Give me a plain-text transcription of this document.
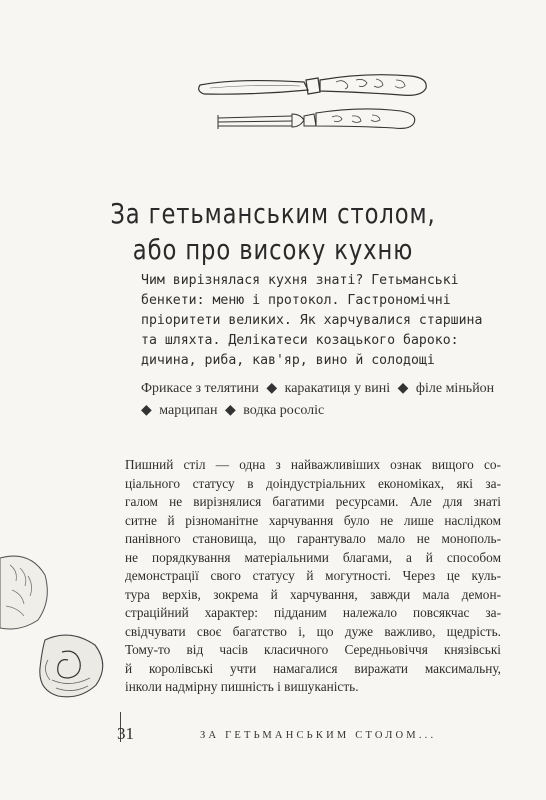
За гетьманським столом,
або про високу кухню
Чим вирізнялася кухня знаті? Гетьманські
бенкети: меню і протокол. Гастрономічні
пріоритети великих. Як харчувалися старшина
та шляхта. Делікатеси козацького бароко:
дичина, риба, кав'яр, вино й солодощі
Фрикасе з телятини ◆ каракатиця у вині ◆ філе міньйон
◆ марципан ◆ водка росоліс
Пишний стіл — одна з найважливіших ознак вищого со-
ціального статусу в доіндустріальних економіках, які за-
галом не вирізнялися багатими ресурсами. Але для знаті
ситне й різноманітне харчування було не лише наслідком
панівного становища, що гарантувало мало не монополь-
не порядкування матеріальними благами, а й способом
демонстрації свого статусу й могутності. Через це куль-
тура верхів, зокрема й харчування, завжди мала демон-
страційний характер: підданим належало повсякчас за-
свідчувати своє багатство і, що дуже важливо, щедрість.
Тому-то від часів класичного Середньовіччя князівські
й королівські учти намагалися виражати максимальну,
інколи надмірну пишність і вишуканість.
31	ЗА ГЕТЬМАНСЬКИМ СТОЛОМ...
